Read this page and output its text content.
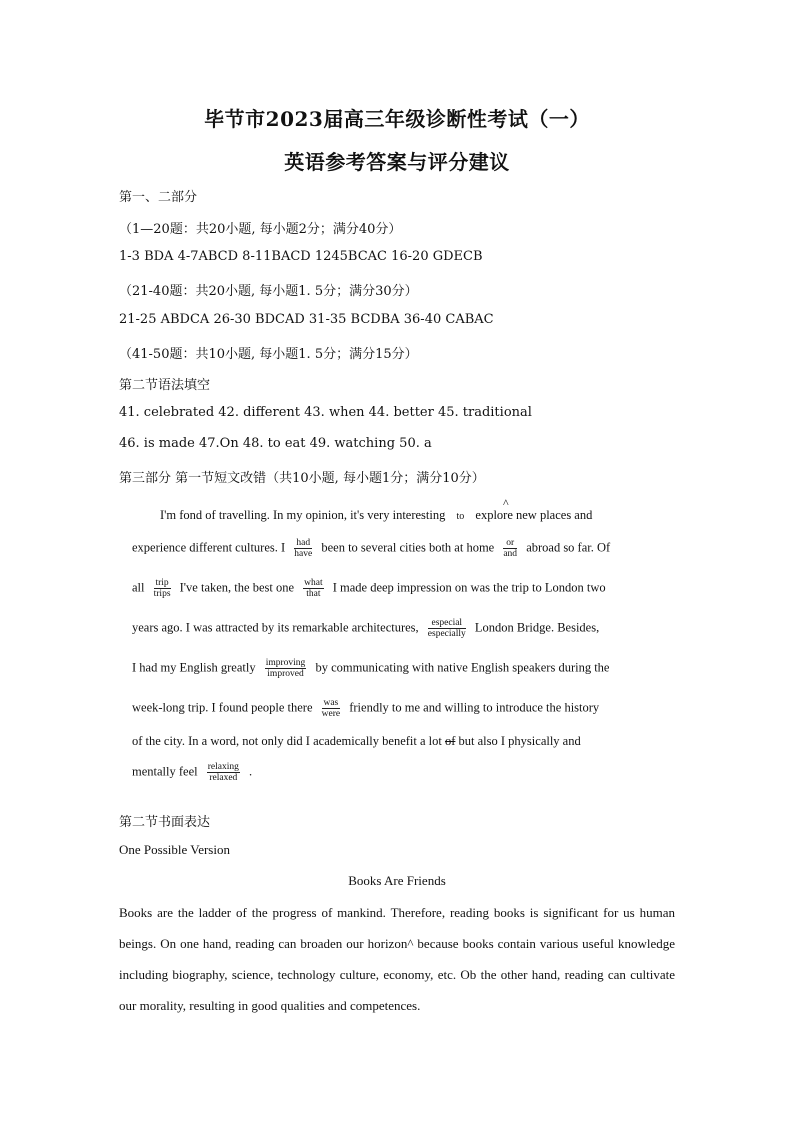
毕节市2023届高三年级诊断性考试（一）
英语参考答案与评分建议
第一、二部分
（1—20题：共20小题, 每小题2分；满分40分）
1-3 BDA 4-7ABCD 8-11BACD 1245BCAC 16-20 GDECB
（21-40题：共20小题, 每小题1. 5分；满分30分）
21-25 ABDCA 26-30 BDCAD 31-35 BCDBA 36-40 CABAC
（41-50题：共10小题, 每小题1. 5分；满分15分）
第二节语法填空
41. celebrated 42. different 43. when 44. better 45. traditional
46. is made 47.On 48. to eat 49. watching 50. a
第三部分 第一节短文改错（共10小题, 每小题1分；满分10分）
^
I'm fond of travelling. In my opinion, it's very interesting to explore new places and
experience different cultures. I had
have been to several cities both at home	or
and abroad so far. Of
all trip
trips I've taken, the best one what
that I made deep impression on was the trip to London two
years ago. I was attracted by its remarkable architectures,	especial
especially London Bridge. Besides,
I had my English greatly improving
improved by communicating with native English speakers during the
week-long trip. I found people there was
were friendly to me and willing to introduce the history
of the city. In a word, not only did I academically benefit a lot of but also I physically and
mentally feel relaxing
relaxed .
第二节书面表达
One Possible Version
Books Are Friends
Books are the ladder of the progress of mankind. Therefore, reading books is significant for us human beings. On one hand, reading can broaden our horizon^ because books contain various useful knowledge including biography, science, technology culture, economy, etc. Ob the other hand, reading can cultivate our morality, resulting in good qualities and competences.
